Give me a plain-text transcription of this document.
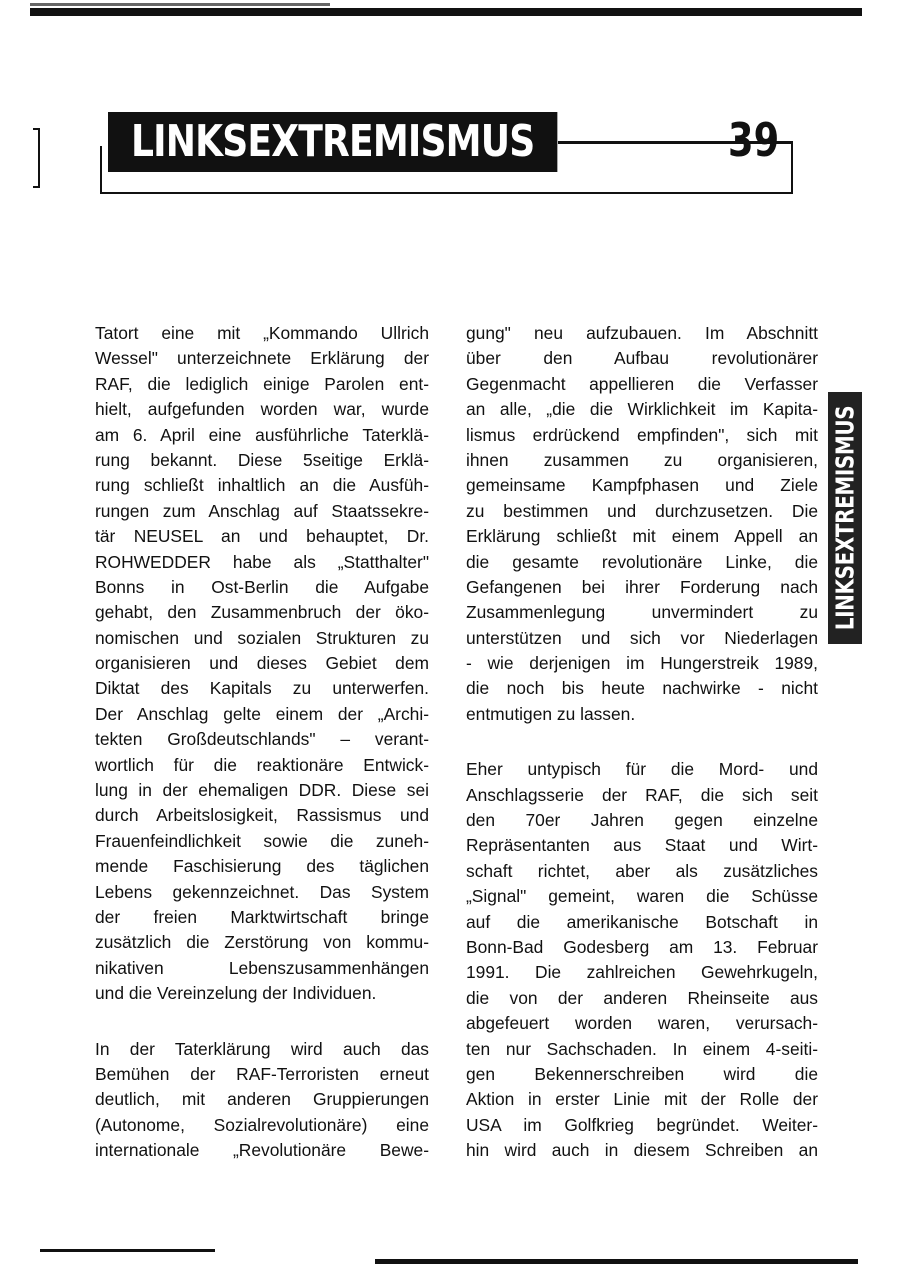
LINKSEXTREMISMUS	39
LINKSEXTREMISMUS
Tatort eine mit „Kommando Ullrich
Wessel" unterzeichnete Erklärung der
RAF, die lediglich einige Parolen ent-
hielt, aufgefunden worden war, wurde
am 6. April eine ausführliche Taterklä-
rung bekannt. Diese 5seitige Erklä-
rung schließt inhaltlich an die Ausfüh-
rungen zum Anschlag auf Staatssekre-
tär NEUSEL an und behauptet, Dr.
ROHWEDDER habe als „Statthalter"
Bonns in Ost-Berlin die Aufgabe
gehabt, den Zusammenbruch der öko-
nomischen und sozialen Strukturen zu
organisieren und dieses Gebiet dem
Diktat des Kapitals zu unterwerfen.
Der Anschlag gelte einem der „Archi-
tekten Großdeutschlands" – verant-
wortlich für die reaktionäre Entwick-
lung in der ehemaligen DDR. Diese sei
durch Arbeitslosigkeit, Rassismus und
Frauenfeindlichkeit sowie die zuneh-
mende Faschisierung des täglichen
Lebens gekennzeichnet. Das System
der freien Marktwirtschaft bringe
zusätzlich die Zerstörung von kommu-
nikativen Lebenszusammenhängen
und die Vereinzelung der Individuen.
In der Taterklärung wird auch das
Bemühen der RAF-Terroristen erneut
deutlich, mit anderen Gruppierungen
(Autonome, Sozialrevolutionäre) eine
internationale „Revolutionäre Bewe-
gung" neu aufzubauen. Im Abschnitt
über den Aufbau revolutionärer
Gegenmacht appellieren die Verfasser
an alle, „die die Wirklichkeit im Kapita-
lismus erdrückend empfinden", sich mit
ihnen zusammen zu organisieren,
gemeinsame Kampfphasen und Ziele
zu bestimmen und durchzusetzen. Die
Erklärung schließt mit einem Appell an
die gesamte revolutionäre Linke, die
Gefangenen bei ihrer Forderung nach
Zusammenlegung unvermindert zu
unterstützen und sich vor Niederlagen
- wie derjenigen im Hungerstreik 1989,
die noch bis heute nachwirke - nicht
entmutigen zu lassen.
Eher untypisch für die Mord- und
Anschlagsserie der RAF, die sich seit
den 70er Jahren gegen einzelne
Repräsentanten aus Staat und Wirt-
schaft richtet, aber als zusätzliches
„Signal" gemeint, waren die Schüsse
auf die amerikanische Botschaft in
Bonn-Bad Godesberg am 13. Februar
1991. Die zahlreichen Gewehrkugeln,
die von der anderen Rheinseite aus
abgefeuert worden waren, verursach-
ten nur Sachschaden. In einem 4-seiti-
gen Bekennerschreiben wird die
Aktion in erster Linie mit der Rolle der
USA im Golfkrieg begründet. Weiter-
hin wird auch in diesem Schreiben an
